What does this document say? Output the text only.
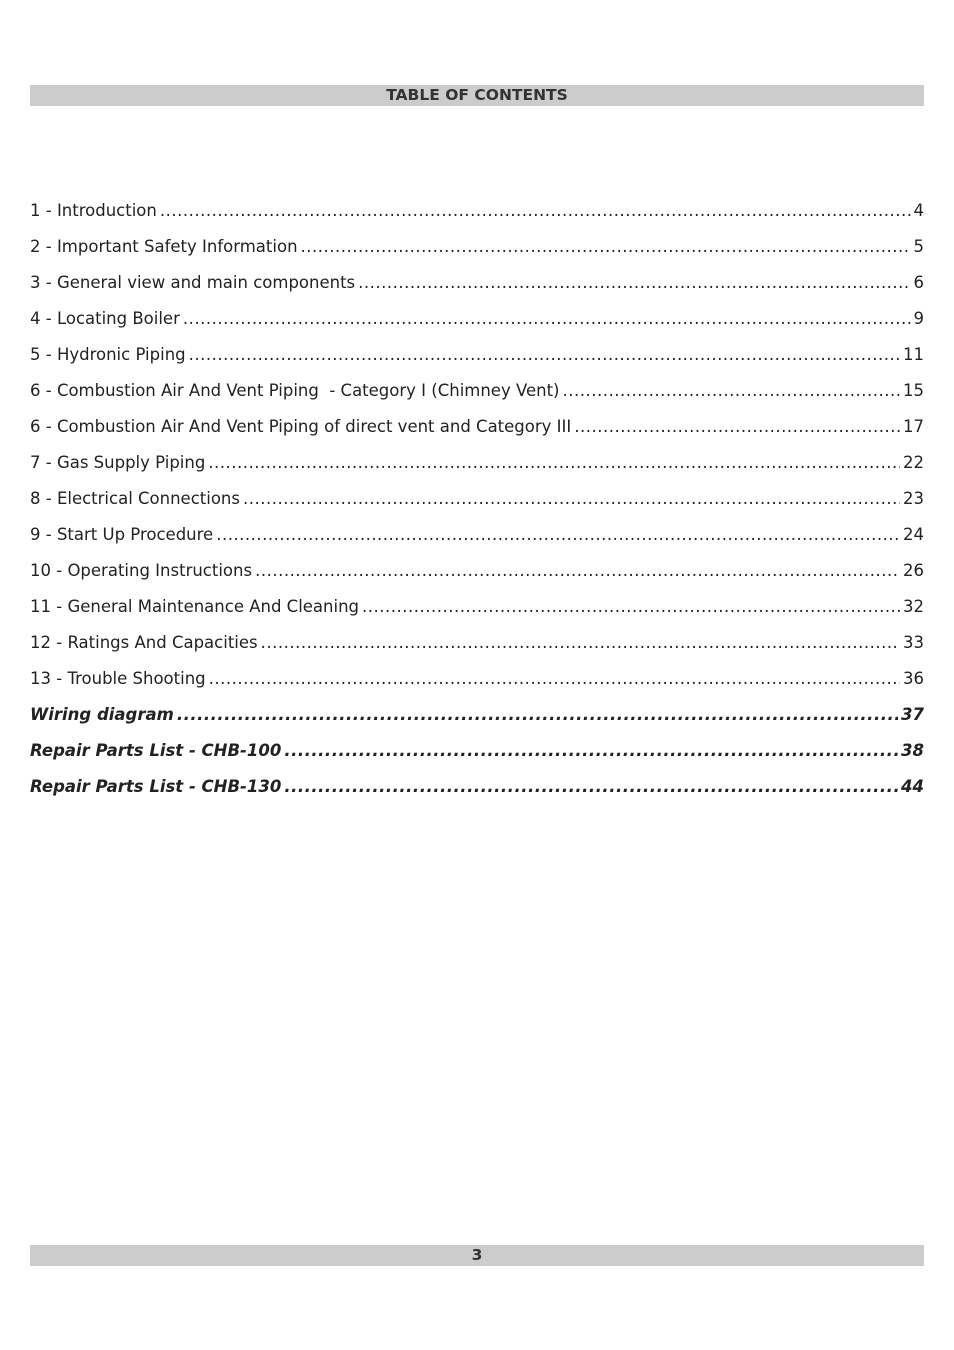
TABLE OF CONTENTS
1 - Introduction .....	4
2 - Important Safety Information .....	5
3 - General view and main components .....	6
4 - Locating Boiler .....	9
5 - Hydronic Piping .....	11
6 - Combustion Air And Vent Piping  - Category I (Chimney Vent) .....	15
6 - Combustion Air And Vent Piping of direct vent and Category III .....	17
7 - Gas Supply Piping .....	22
8 - Electrical Connections .....	23
9 - Start Up Procedure .....	24
10 - Operating Instructions .....	26
11 - General Maintenance And Cleaning .....	32
12 - Ratings And Capacities .....	33
13 - Trouble Shooting .....	36
Wiring diagram .....	37
Repair Parts List - CHB-100 .....	38
Repair Parts List - CHB-130 .....	44
3
